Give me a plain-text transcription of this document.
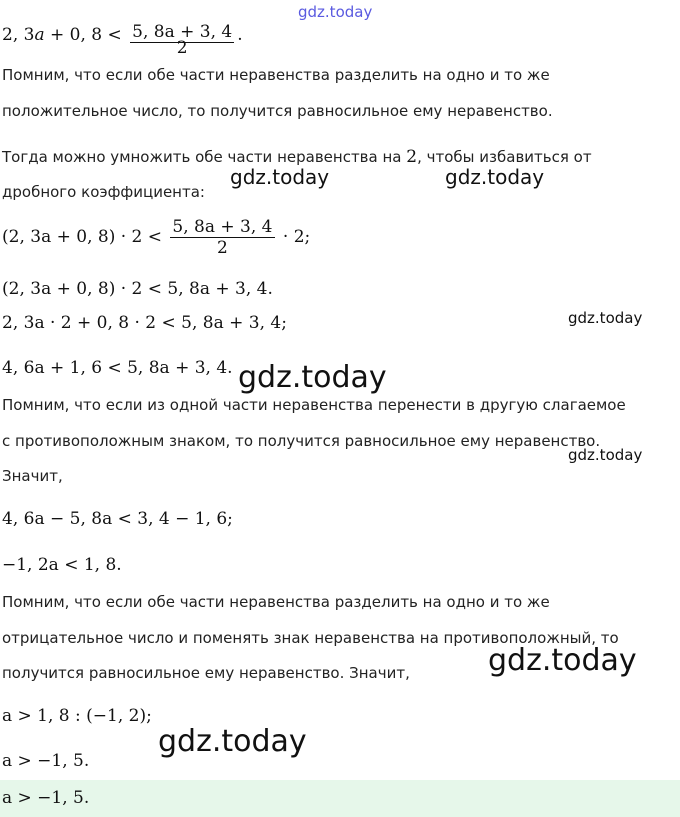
gdz.today
gdz.today	gdz.today
gdz.today
gdz.today
gdz.today
gdz.today
gdz.today
2, 3a + 0, $8 < \frac{5, 8a + 3, 4}{2}$ .
Помним, что если обе части неравенства разделить на одно и то же
положительное число, то получится равносильное ему неравенство.
Тогда можно умножить обе части неравенства на 2, чтобы избавиться от
дробного коэффициента:
(2, 3a + 0, $8) \cdot 2 < \frac{5, 8a + 3, 4}{2} \cdot 2$;
(2, 3a + 0, 8) · 2 < 5, 8a + 3, 4.
2, 3a · 2 + 0, 8 · 2 < 5, 8a + 3, 4;
4, 6a + 1, 6 < 5, 8a + 3, 4.
Помним, что если из одной части неравенства перенести в другую слагаемое
с противоположным знаком, то получится равносильное ему неравенство.
Значит,
4, 6a − 5, 8a < 3, 4 − 1, 6;
−1, 2a < 1, 8.
Помним, что если обе части неравенства разделить на одно и то же
отрицательное число и поменять знак неравенства на противоположный, то
получится равносильное ему неравенство. Значит,
a > 1, 8 : (−1, 2);
a > −1, 5.
a > −1, 5.
